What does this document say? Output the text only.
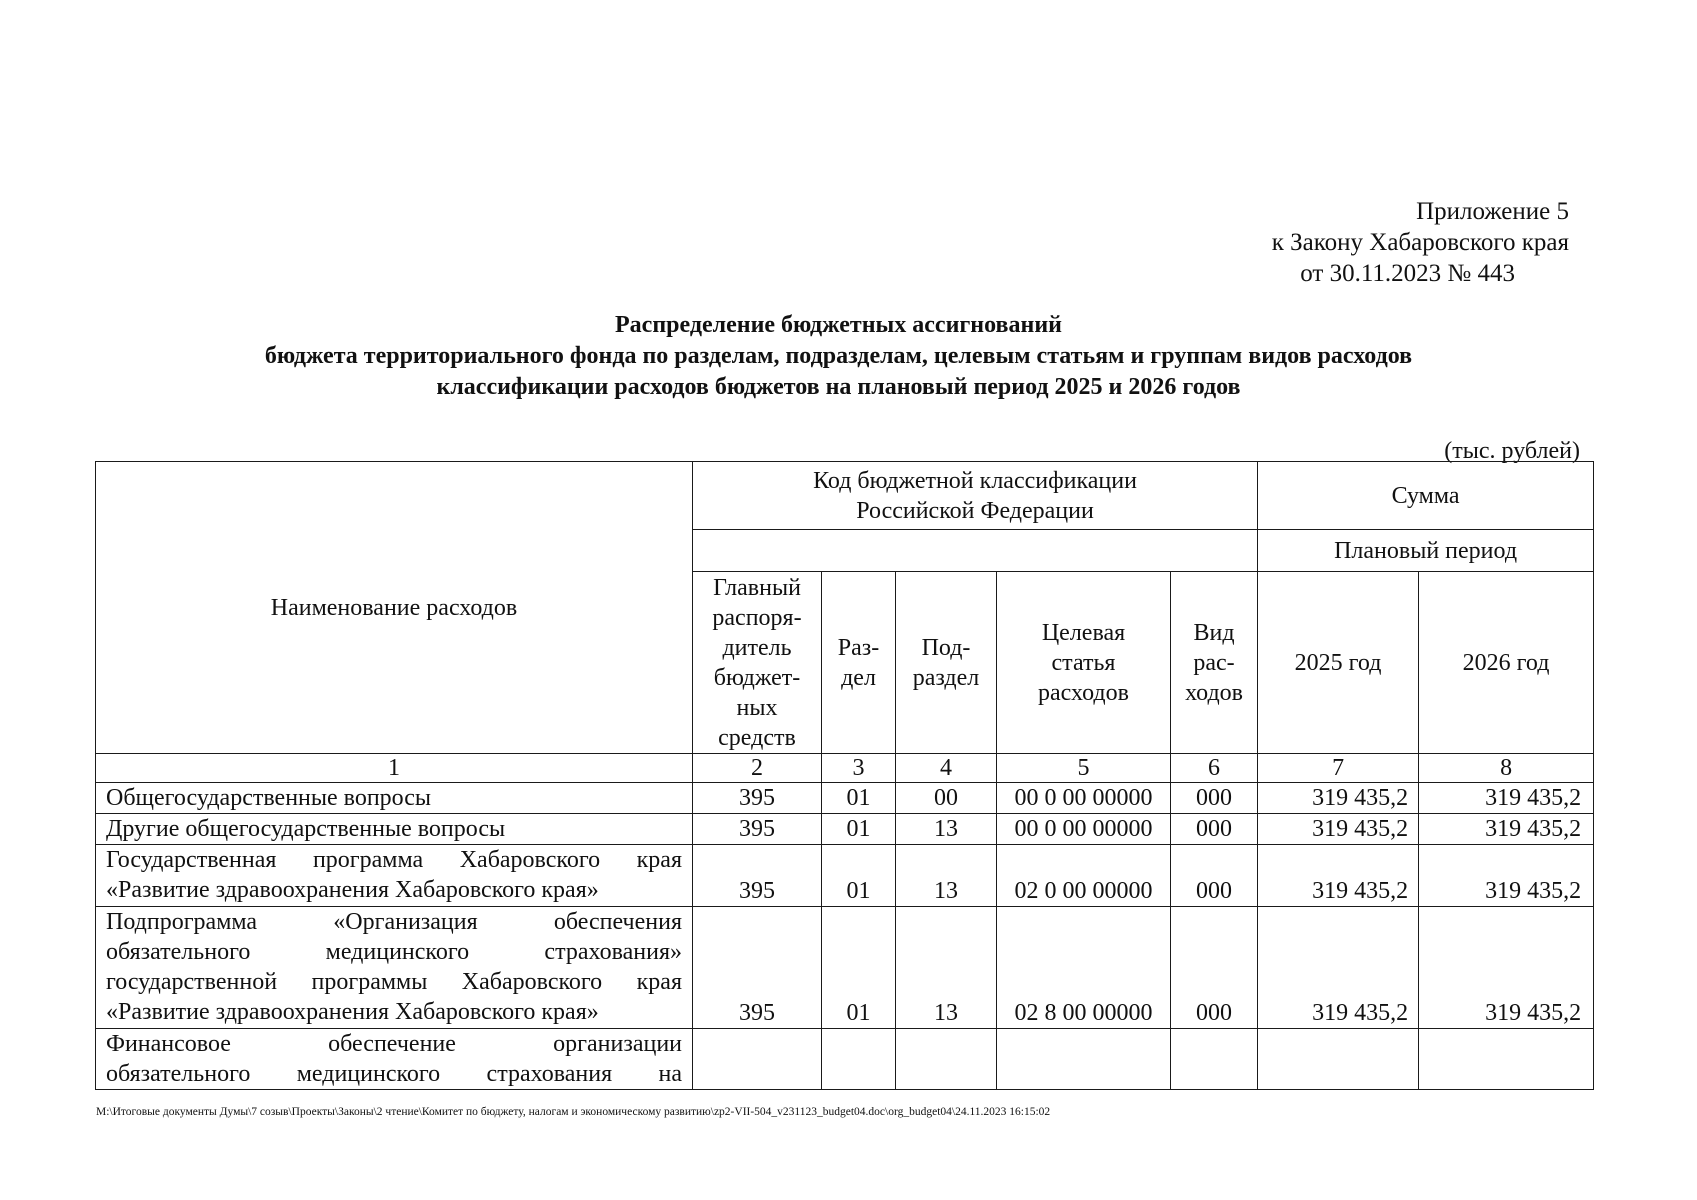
Приложение 5
к Закону Хабаровского края
от 30.11.2023 № 443
Распределение бюджетных ассигнований
бюджета территориального фонда по разделам, подразделам, целевым статьям и группам видов расходов
классификации расходов бюджетов на плановый период 2025 и 2026 годов
(тыс. рублей)
Наименование расходов	Код бюджетной классификации Российской Федерации					Сумма	
						Плановый период	

	Главный распоря-дитель бюджет-ных средств	Раз-дел	Под-раздел	Целевая статья расходов	Вид рас-ходов	2025 год	2026 год
1	2	3	4	5	6	7	8
Общегосударственные вопросы	395	01	00	00 0 00 00000	000	319 435,2	319 435,2
Другие общегосударственные вопросы	395	01	13	00 0 00 00000	000	319 435,2	319 435,2

Государственная программа Хабаровского края
«Развитие здравоохранения Хабаровского края»	395	01	13	02 0 00 00000	000	319 435,2	319 435,2

Подпрограмма «Организация обеспечения
обязательного медицинского страхования»
государственной программы Хабаровского края
«Развитие здравоохранения Хабаровского края»	395	01	13	02 8 00 00000	000	319 435,2	319 435,2

Финансовое обеспечение организации
обязательного медицинского страхования на							

M:\Итоговые документы Думы\7 созыв\Проекты\Законы\2 чтение\Комитет по бюджету, налогам и экономическому развитию\zp2-VII-504_v231123_budget04.doc\org_budget04\24.11.2023 16:15:02
